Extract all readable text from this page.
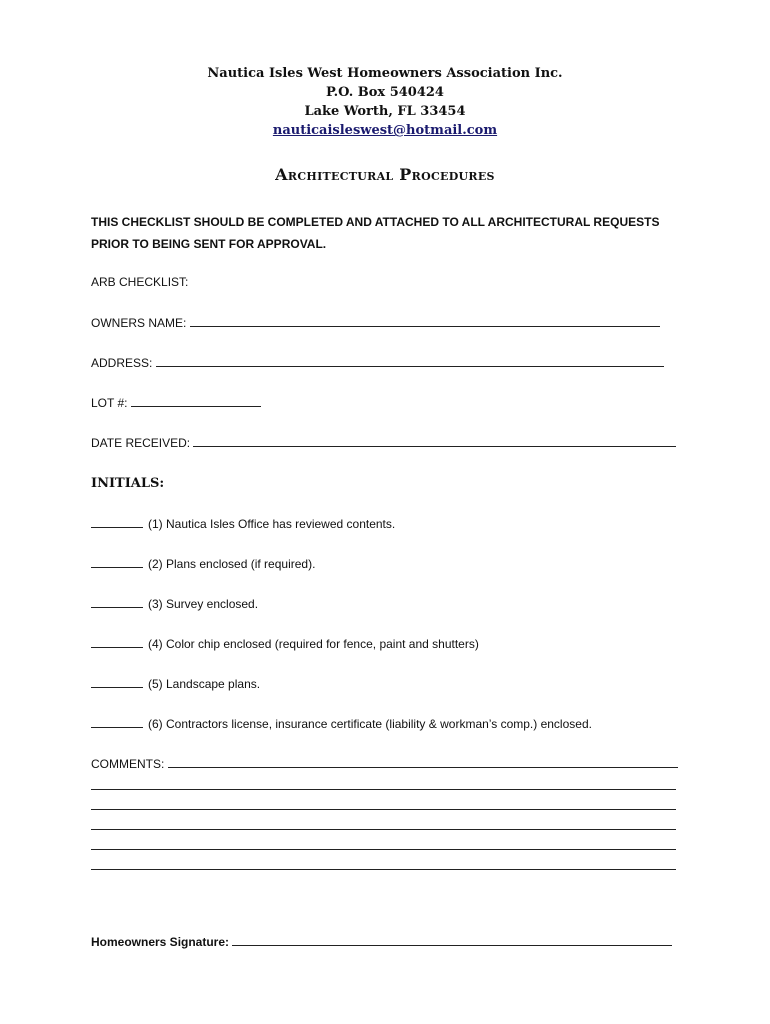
Nautica Isles West Homeowners Association Inc.
P.O. Box 540424
Lake Worth, FL 33454
nauticaisleswest@hotmail.com
Architectural Procedures
THIS CHECKLIST SHOULD BE COMPLETED AND ATTACHED TO ALL ARCHITECTURAL REQUESTS PRIOR TO BEING SENT FOR APPROVAL.
ARB CHECKLIST:
OWNERS NAME:
ADDRESS:
LOT #:
DATE RECEIVED:
INITIALS:
(1) Nautica Isles Office has reviewed contents.
(2) Plans enclosed (if required).
(3) Survey enclosed.
(4) Color chip enclosed (required for fence, paint and shutters)
(5) Landscape plans.
(6) Contractors license, insurance certificate (liability & workman’s comp.) enclosed.
COMMENTS:
Homeowners Signature:
